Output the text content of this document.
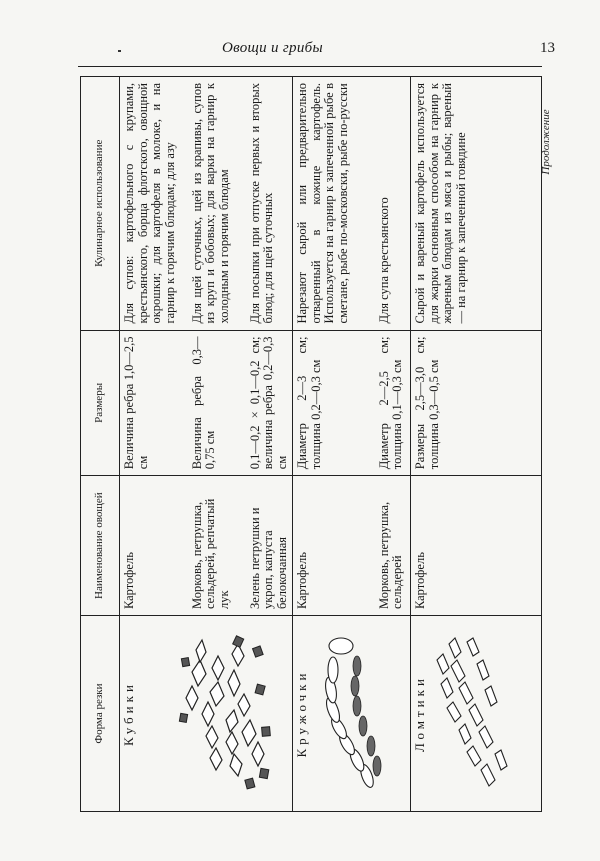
Овощи и грибы	13
Продолжение
Форма резки	Наименование овощей	Размеры	Кулинарное использование

Кубики	Картофель	Величина ребра 1,0—2,5 см	Для супов: картофельного с крупами, крестьянского, борща флотского, овощной окрошки; для картофеля в молоке, и на гарнир к горячим блюдам; для азу
	Морковь, петрушка, сельдерей, репчатый лук	Величина ребра 0,3—0,75 см	Для щей суточных, щей из крапивы, супов из круп и бобовых; для варки на гарнир к холодным и горячим блюдам
	Зелень петрушки и укроп, капуста белокочанная	0,1—0,2 × 0,1—0,2 см; величина ребра 0,2—0,3 см	Для посыпки при отпуске первых и вторых блюд; для щей суточных

Кружочки	Картофель	Диаметр 2—3 см; толщина 0,2—0,3 см	Нарезают сырой или предварительно отваренный в кожице картофель. Используется на гарнир к запеченной рыбе в сметане, рыбе по-московски, рыбе по-русски
	Морковь, петрушка, сельдерей	Диаметр 2—2,5 см; толщина 0,1—0,3 см	Для супа крестьянского

Ломтики	Картофель	Размеры 2,5—3,0 см; толщина 0,3—0,5 см	Сырой и вареный картофель используется для жарки основным способом на гарнир к жареным блюдам из мяса и рыбы; вареный — на гарнир к запеченной говядине
